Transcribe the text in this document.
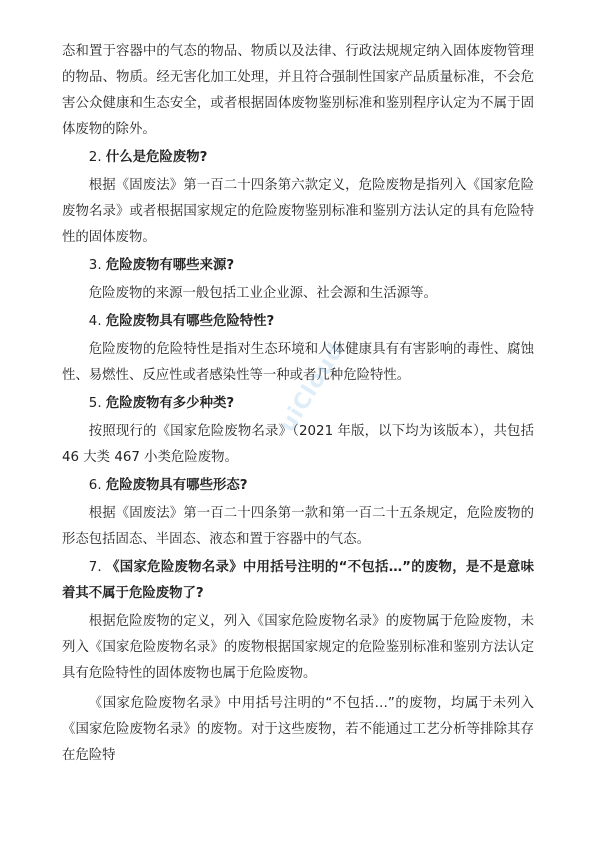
态和置于容器中的气态的物品、物质以及法律、行政法规规定纳入固体废物管理的物品、物质。经无害化加工处理，并且符合强制性国家产品质量标准，不会危害公众健康和生态安全，或者根据固体废物鉴别标准和鉴别程序认定为不属于固体废物的除外。

2. 什么是危险废物?

根据《固废法》第一百二十四条第六款定义，危险废物是指列入《国家危险废物名录》或者根据国家规定的危险废物鉴别标准和鉴别方法认定的具有危险特性的固体废物。

3. 危险废物有哪些来源?

危险废物的来源一般包括工业企业源、社会源和生活源等。

4. 危险废物具有哪些危险特性?

危险废物的危险特性是指对生态环境和人体健康具有有害影响的毒性、腐蚀性、易燃性、反应性或者感染性等一种或者几种危险特性。

5. 危险废物有多少种类?

按照现行的《国家危险废物名录》（2021 年版，以下均为该版本），共包括 46 大类 467 小类危险废物。

6. 危险废物具有哪些形态?

根据《固废法》第一百二十四条第一款和第一百二十五条规定，危险废物的形态包括固态、半固态、液态和置于容器中的气态。

7. 《国家危险废物名录》中用括号注明的“不包括…”的废物，是不是意味着其不属于危险废物了?

根据危险废物的定义，列入《国家危险废物名录》的废物属于危险废物，未列入《国家危险废物名录》的废物根据国家规定的危险鉴别标准和鉴别方法认定具有危险特性的固体废物也属于危险废物。

《国家危险废物名录》中用括号注明的“不包括…”的废物，均属于未列入《国家危险废物名录》的废物。对于这些废物，若不能通过工艺分析等排除其存在危险特

uiCloud
